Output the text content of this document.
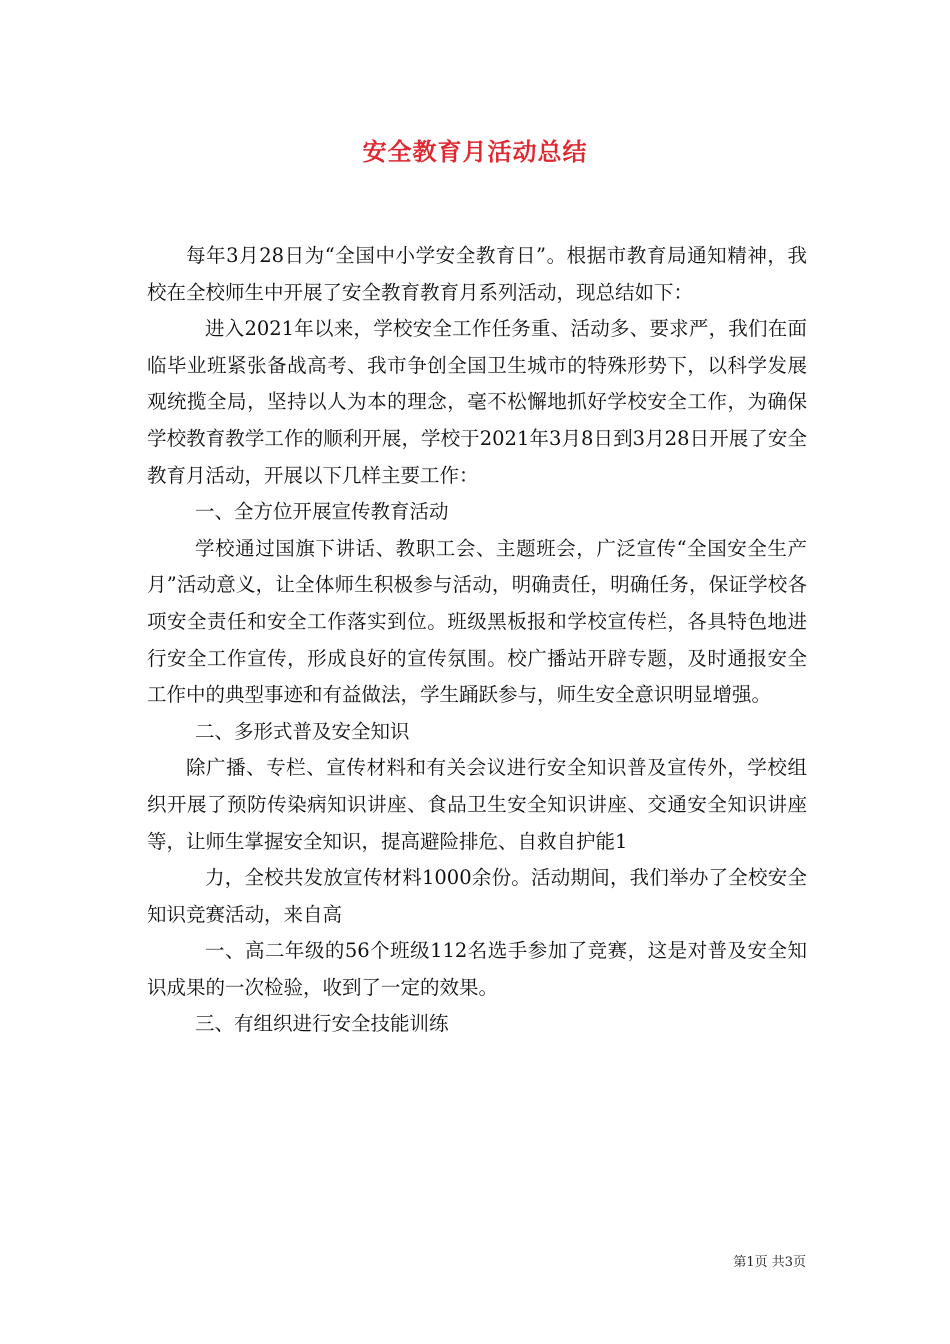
安全教育月活动总结

每年3月28日为“全国中小学安全教育日”。根据市教育局通知精神，我校在全校师生中开展了安全教育教育月系列活动，现总结如下：

进入2021年以来，学校安全工作任务重、活动多、要求严，我们在面临毕业班紧张备战高考、我市争创全国卫生城市的特殊形势下，以科学发展观统揽全局，坚持以人为本的理念，毫不松懈地抓好学校安全工作，为确保学校教育教学工作的顺利开展，学校于2021年3月8日到3月28日开展了安全教育月活动，开展以下几样主要工作：

一、全方位开展宣传教育活动

学校通过国旗下讲话、教职工会、主题班会，广泛宣传“全国安全生产月”活动意义，让全体师生积极参与活动，明确责任，明确任务，保证学校各项安全责任和安全工作落实到位。班级黑板报和学校宣传栏，各具特色地进行安全工作宣传，形成良好的宣传氛围。校广播站开辟专题，及时通报安全工作中的典型事迹和有益做法，学生踊跃参与，师生安全意识明显增强。

二、多形式普及安全知识

除广播、专栏、宣传材料和有关会议进行安全知识普及宣传外，学校组织开展了预防传染病知识讲座、食品卫生安全知识讲座、交通安全知识讲座等，让师生掌握安全知识，提高避险排危、自救自护能1

力，全校共发放宣传材料1000余份。活动期间，我们举办了全校安全知识竞赛活动，来自高

一、高二年级的56个班级112名选手参加了竞赛，这是对普及安全知识成果的一次检验，收到了一定的效果。

三、有组织进行安全技能训练

第1页 共3页
